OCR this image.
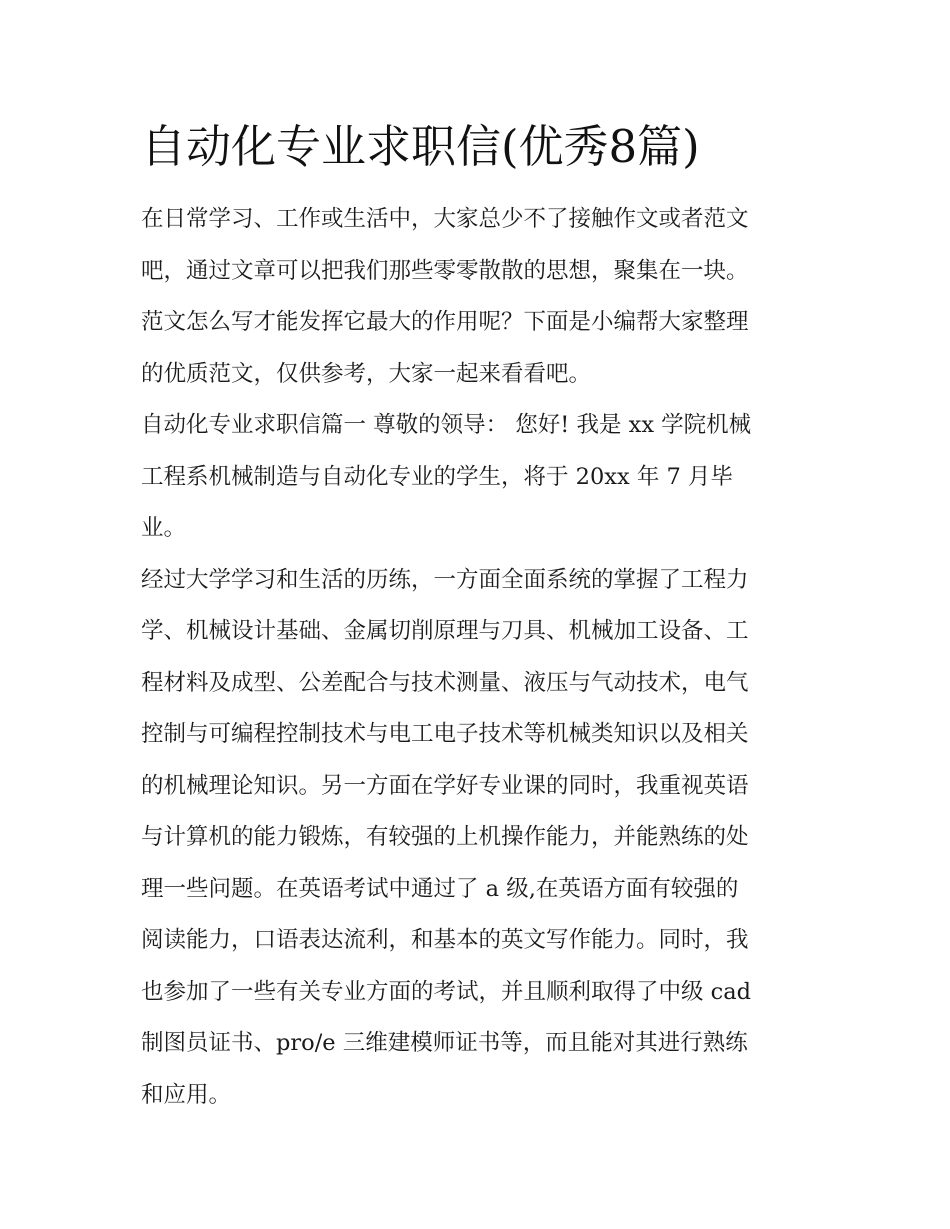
自动化专业求职信(优秀8篇)

在日常学习、工作或生活中，大家总少不了接触作文或者范文
吧，通过文章可以把我们那些零零散散的思想，聚集在一块。
范文怎么写才能发挥它最大的作用呢？下面是小编帮大家整理
的优质范文，仅供参考，大家一起来看看吧。

自动化专业求职信篇一 尊敬的领导： 您好! 我是 xx 学院机械
工程系机械制造与自动化专业的学生，将于 20xx 年 7 月毕
业。

经过大学学习和生活的历练，一方面全面系统的掌握了工程力
学、机械设计基础、金属切削原理与刀具、机械加工设备、工
程材料及成型、公差配合与技术测量、液压与气动技术，电气
控制与可编程控制技术与电工电子技术等机械类知识以及相关
的机械理论知识。另一方面在学好专业课的同时，我重视英语
与计算机的能力锻炼，有较强的上机操作能力，并能熟练的处
理一些问题。在英语考试中通过了 a 级,在英语方面有较强的
阅读能力，口语表达流利，和基本的英文写作能力。同时，我
也参加了一些有关专业方面的考试，并且顺利取得了中级 cad
制图员证书、pro/e 三维建模师证书等，而且能对其进行熟练
和应用。
